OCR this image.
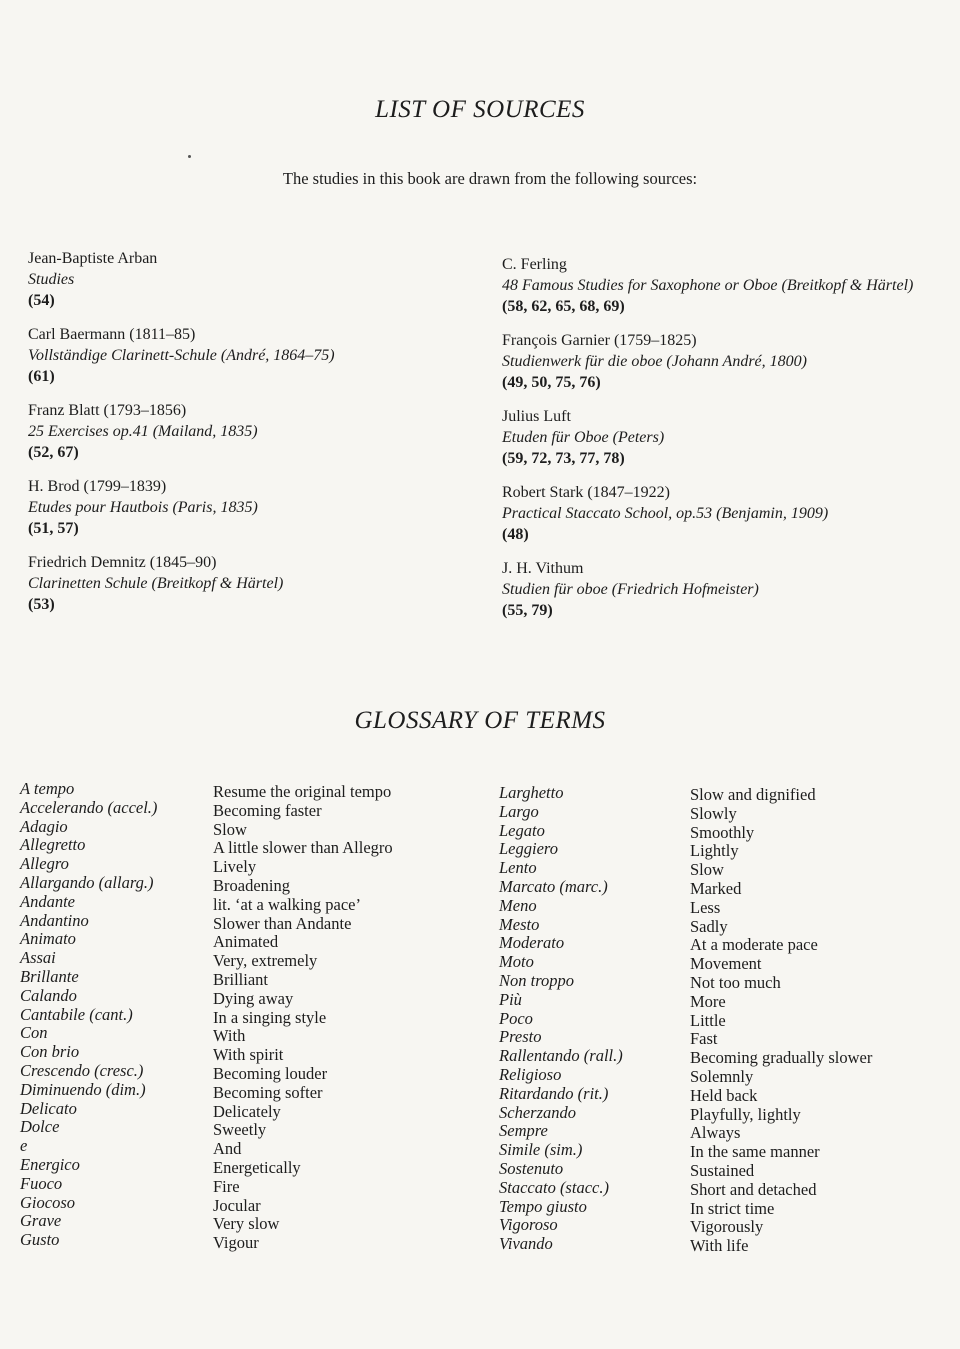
LIST OF SOURCES
The studies in this book are drawn from the following sources:
Jean-Baptiste Arban
Studies
(54)
Carl Baermann (1811–85)
Vollständige Clarinett-Schule (André, 1864–75)
(61)
Franz Blatt (1793–1856)
25 Exercises op.41 (Mailand, 1835)
(52, 67)
H. Brod (1799–1839)
Etudes pour Hautbois (Paris, 1835)
(51, 57)
Friedrich Demnitz (1845–90)
Clarinetten Schule (Breitkopf & Härtel)
(53)
C. Ferling
48 Famous Studies for Saxophone or Oboe (Breitkopf & Härtel)
(58, 62, 65, 68, 69)
François Garnier (1759–1825)
Studienwerk für die oboe (Johann André, 1800)
(49, 50, 75, 76)
Julius Luft
Etuden für Oboe (Peters)
(59, 72, 73, 77, 78)
Robert Stark (1847–1922)
Practical Staccato School, op.53 (Benjamin, 1909)
(48)
J. H. Vithum
Studien für oboe (Friedrich Hofmeister)
(55, 79)
GLOSSARY OF TERMS
A tempo
Accelerando (accel.)
Adagio
Allegretto
Allegro
Allargando (allarg.)
Andante
Andantino
Animato
Assai
Brillante
Calando
Cantabile (cant.)
Con
Con brio
Crescendo (cresc.)
Diminuendo (dim.)
Delicato
Dolce
e
Energico
Fuoco
Giocoso
Grave
Gusto
Resume the original tempo
Becoming faster
Slow
A little slower than Allegro
Lively
Broadening
lit. ‘at a walking pace’
Slower than Andante
Animated
Very, extremely
Brilliant
Dying away
In a singing style
With
With spirit
Becoming louder
Becoming softer
Delicately
Sweetly
And
Energetically
Fire
Jocular
Very slow
Vigour
Larghetto
Largo
Legato
Leggiero
Lento
Marcato (marc.)
Meno
Mesto
Moderato
Moto
Non troppo
Più
Poco
Presto
Rallentando (rall.)
Religioso
Ritardando (rit.)
Scherzando
Sempre
Simile (sim.)
Sostenuto
Staccato (stacc.)
Tempo giusto
Vigoroso
Vivando
Slow and dignified
Slowly
Smoothly
Lightly
Slow
Marked
Less
Sadly
At a moderate pace
Movement
Not too much
More
Little
Fast
Becoming gradually slower
Solemnly
Held back
Playfully, lightly
Always
In the same manner
Sustained
Short and detached
In strict time
Vigorously
With life
